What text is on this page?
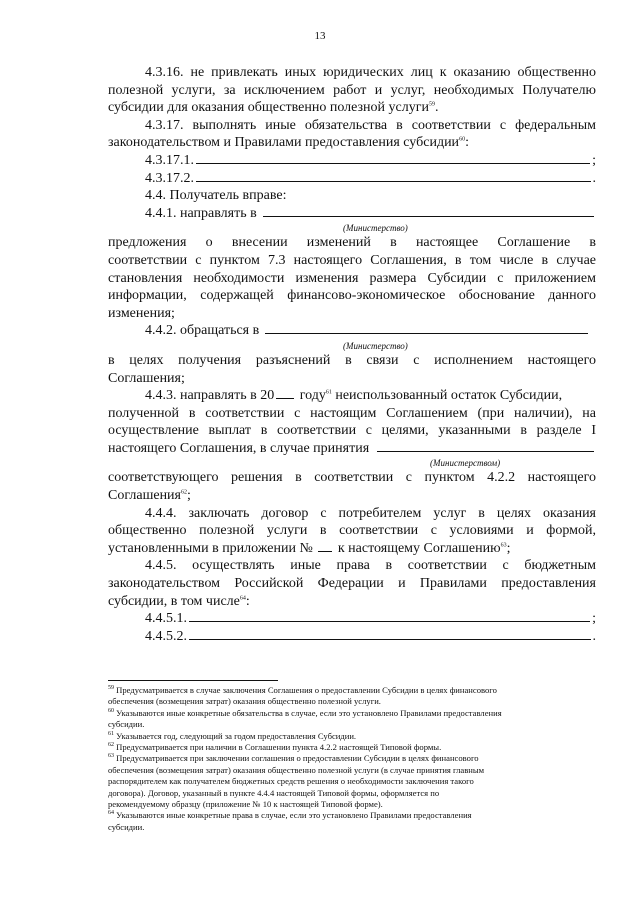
13
4.3.16. не привлекать иных юридических лиц к оказанию общественно
полезной услуги, за исключением работ и услуг, необходимых Получателю
субсидии для оказания общественно полезной услуги$^{59}$.
4.3.17. выполнять иные обязательства в соответствии с федеральным
законодательством и Правилами предоставления субсидии$^{60}$:
4.3.17.1.	;
4.3.17.2.	.
4.4. Получатель вправе:
4.4.1. направлять в
(Министерство)
предложения о внесении изменений в настоящее Соглашение в
соответствии с пунктом 7.3 настоящего Соглашения, в том числе в случае
становления необходимости изменения размера Субсидии с приложением
информации, содержащей финансово-экономическое обоснование данного
изменения;
4.4.2. обращаться в
(Министерство)
в целях получения разъяснений в связи с исполнением настоящего
Соглашения;
4.4.3. направлять в 20 году$^{61}$ неиспользованный остаток Субсидии,
полученной в соответствии с настоящим Соглашением (при наличии), на
осуществление выплат в соответствии с целями, указанными в разделе I
настоящего Соглашения, в случае принятия
(Министерством)
соответствующего решения в соответствии с пунктом 4.2.2 настоящего
Соглашения$^{62}$;
4.4.4. заключать договор с потребителем услуг в целях оказания
общественно полезной услуги в соответствии с условиями и формой,
установленными в приложении № к настоящему Соглашению$^{63}$;
4.4.5. осуществлять иные права в соответствии с бюджетным
законодательством Российской Федерации и Правилами предоставления
субсидии, в том числе$^{64}$:
4.4.5.1.	;
4.4.5.2.	.
$^{59}$ Предусматривается в случае заключения Соглашения о предоставлении Субсидии в целях финансового
обеспечения (возмещения затрат) оказания общественно полезной услуги.
$^{60}$ Указываются иные конкретные обязательства в случае, если это установлено Правилами предоставления
субсидии.
$^{61}$ Указывается год, следующий за годом предоставления Субсидии.
$^{62}$ Предусматривается при наличии в Соглашении пункта 4.2.2 настоящей Типовой формы.
$^{63}$ Предусматривается при заключении соглашения о предоставлении Субсидии в целях финансового
обеспечения (возмещения затрат) оказания общественно полезной услуги (в случае принятия главным
распорядителем как получателем бюджетных средств решения о необходимости заключения такого
договора). Договор, указанный в пункте 4.4.4 настоящей Типовой формы, оформляется по
рекомендуемому образцу (приложение № 10 к настоящей Типовой форме).
$^{64}$ Указываются иные конкретные права в случае, если это установлено Правилами предоставления
субсидии.
